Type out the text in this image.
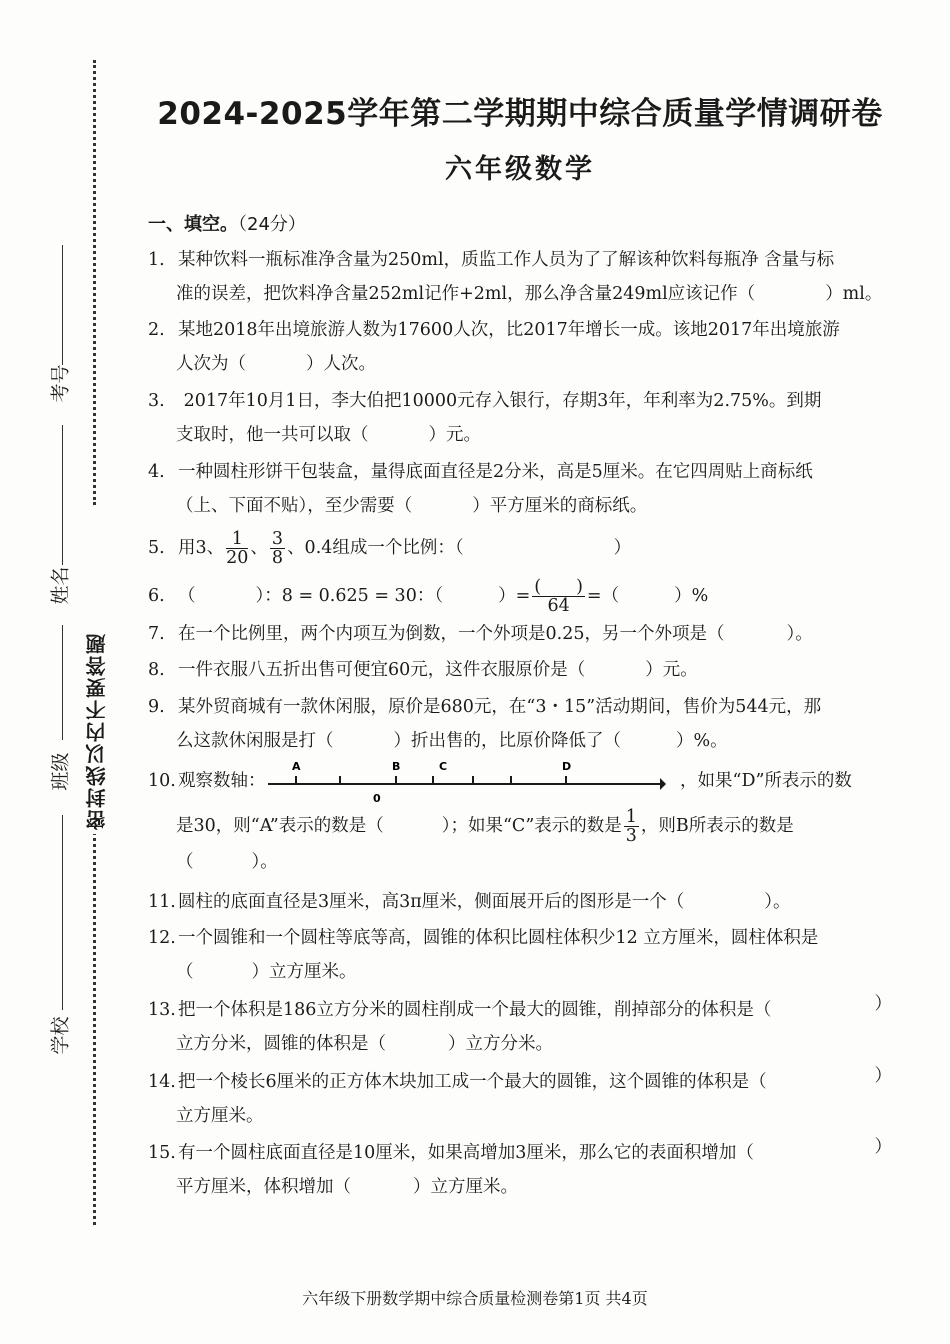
密封线以内不要答题
考号
姓名
班级
学校
2024-2025学年第二学期期中综合质量学情调研卷
六年级数学
一、填空。（24分）
1. 某种饮料一瓶标准净含量为250ml，质监工作人员为了了解该种饮料每瓶净 含量与标
准的误差，把饮料净含量252ml记作+2ml，那么净含量249ml应该记作（	）ml。
2. 某地2018年出境旅游人数为17600人次，比2017年增长一成。该地2017年出境旅游
人次为（	）人次。
3. 2017年10月1日，李大伯把10000元存入银行，存期3年，年利率为2.75%。到期
支取时，他一共可以取（	）元。
4. 一种圆柱形饼干包装盒，量得底面直径是2分米，高是5厘米。在它四周贴上商标纸
（上、下面不贴），至少需要（	）平方厘米的商标纸。
5. 用3、 $\frac{1}{20}$ 、 $\frac{3}{8}$ 、0.4组成一个比例：（	）
6. （	）：8 = 0.625 = 30：（	）= $\frac{( )}{64}$ =（	）%
7. 在一个比例里，两个内项互为倒数，一个外项是0.25，另一个外项是（	）。
8. 一件衣服八五折出售可便宜60元，这件衣服原价是（	）元。
9. 某外贸商城有一款休闲服，原价是680元，在“3・15”活动期间，售价为544元，那
么这款休闲服是打（	）折出售的，比原价降低了（	）%。
10. 观察数轴：
A	B	C	D
0
，如果“D”所表示的数
是30，则“A”表示的数是（	）；如果“C”表示的数是 $\frac{1}{3}$ ，则B所表示的数是
（	）。
11. 圆柱的底面直径是3厘米，高3π厘米，侧面展开后的图形是一个（	）。
12. 一个圆锥和一个圆柱等底等高，圆锥的体积比圆柱体积少12 立方厘米，圆柱体积是
（	）立方厘米。
13. 把一个体积是186立方分米的圆柱削成一个最大的圆锥，削掉部分的体积是（	）
立方分米，圆锥的体积是（	）立方分米。
14. 把一个棱长6厘米的正方体木块加工成一个最大的圆锥，这个圆锥的体积是（	）
立方厘米。
15. 有一个圆柱底面直径是10厘米，如果高增加3厘米，那么它的表面积增加（	）
平方厘米，体积增加（	）立方厘米。
六年级下册数学期中综合质量检测卷第1页 共4页
